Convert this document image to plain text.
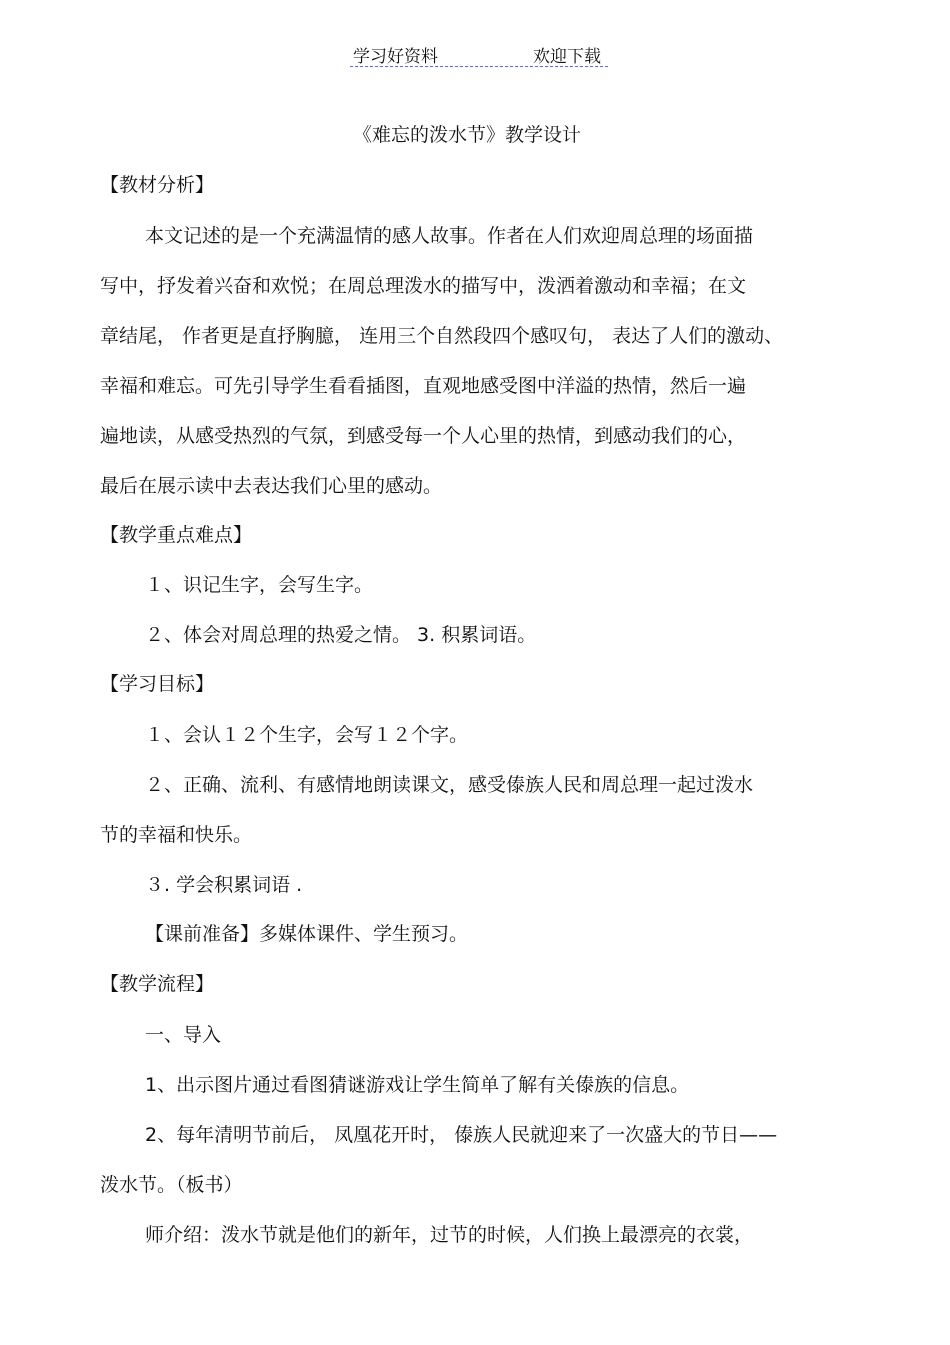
学习好资料	欢迎下载
《难忘的泼水节》教学设计
【教材分析】
本文记述的是一个充满温情的感人故事。作者在人们欢迎周总理的场面描
写中，抒发着兴奋和欢悦；在周总理泼水的描写中，泼洒着激动和幸福；在文
章结尾， 作者更是直抒胸臆， 连用三个自然段四个感叹句， 表达了人们的激动、
幸福和难忘。可先引导学生看看插图，直观地感受图中洋溢的热情，然后一遍
遍地读，从感受热烈的气氛，到感受每一个人心里的热情，到感动我们的心，
最后在展示读中去表达我们心里的感动。
【教学重点难点】
１、识记生字，会写生字。
２、体会对周总理的热爱之情。 3. 积累词语。
【学习目标】
１、会认１２个生字，会写１２个字。
２、正确、流利、有感情地朗读课文，感受傣族人民和周总理一起过泼水
节的幸福和快乐。
３. 学会积累词语 .
【课前准备】多媒体课件、学生预习。
【教学流程】
一、导入
1、出示图片通过看图猜谜游戏让学生简单了解有关傣族的信息。
2、每年清明节前后， 凤凰花开时， 傣族人民就迎来了一次盛大的节日——
泼水节。（板书）
师介绍：泼水节就是他们的新年，过节的时候，人们换上最漂亮的衣裳，
